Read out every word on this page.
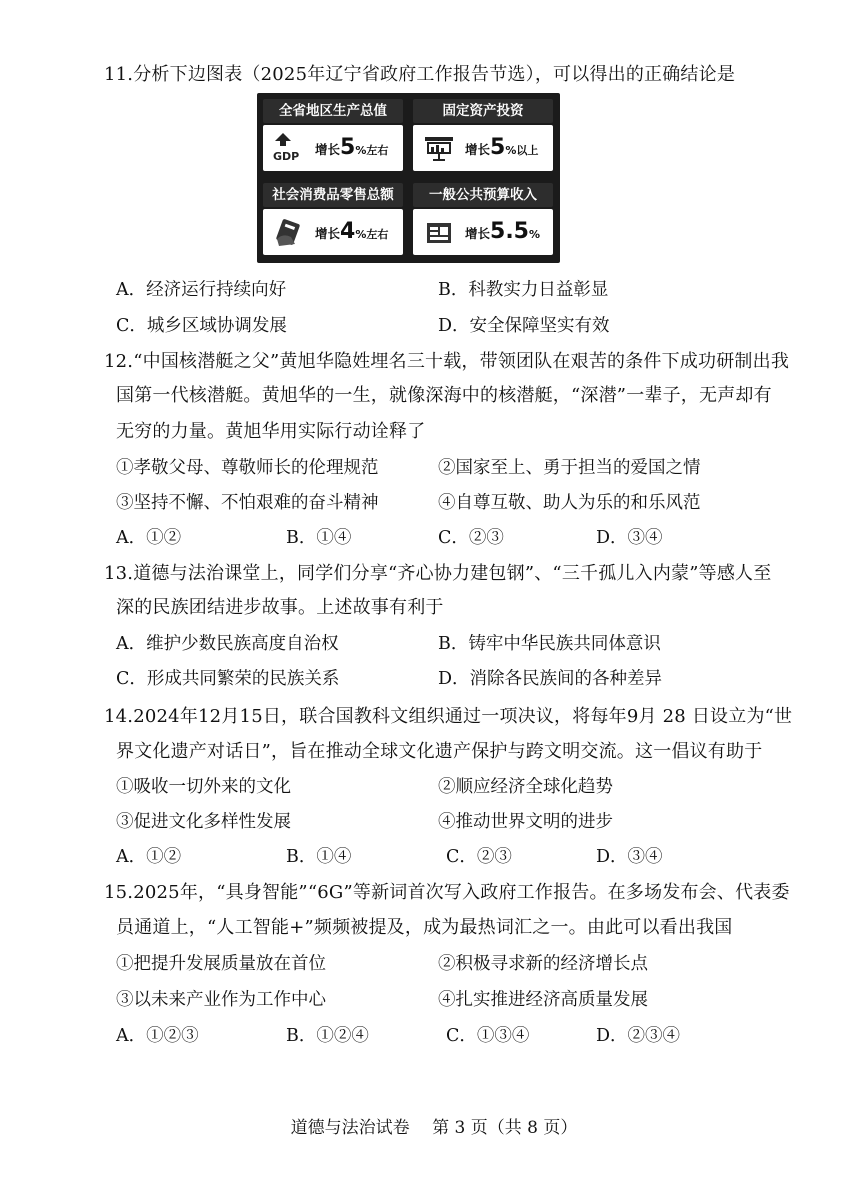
11.分析下边图表（2025年辽宁省政府工作报告节选），可以得出的正确结论是
全省地区生产总值
GDP 增长5%左右
固定资产投资
增长5%以上
社会消费品零售总额
增长4%左右
一般公共预算收入
增长5.5%
A．经济运行持续向好	B．科教实力日益彰显
C．城乡区域协调发展	D．安全保障坚实有效
12.“中国核潜艇之父”黄旭华隐姓埋名三十载，带领团队在艰苦的条件下成功研制出我
国第一代核潜艇。黄旭华的一生，就像深海中的核潜艇，“深潜”一辈子，无声却有
无穷的力量。黄旭华用实际行动诠释了
①孝敬父母、尊敬师长的伦理规范	②国家至上、勇于担当的爱国之情
③坚持不懈、不怕艰难的奋斗精神	④自尊互敬、助人为乐的和乐风范
A．①②	B．①④	C．②③	D．③④
13.道德与法治课堂上，同学们分享“齐心协力建包钢”、“三千孤儿入内蒙”等感人至
深的民族团结进步故事。上述故事有利于
A．维护少数民族高度自治权	B．铸牢中华民族共同体意识
C．形成共同繁荣的民族关系	D．消除各民族间的各种差异
14.2024年12月15日，联合国教科文组织通过一项决议，将每年9月 28 日设立为“世
界文化遗产对话日”，旨在推动全球文化遗产保护与跨文明交流。这一倡议有助于
①吸收一切外来的文化	②顺应经济全球化趋势
③促进文化多样性发展	④推动世界文明的进步
A．①②	B．①④	C．②③	D．③④
15.2025年，“具身智能”“6G”等新词首次写入政府工作报告。在多场发布会、代表委
员通道上，“人工智能+”频频被提及，成为最热词汇之一。由此可以看出我国
①把提升发展质量放在首位	②积极寻求新的经济增长点
③以未来产业作为工作中心	④扎实推进经济高质量发展
A．①②③	B．①②④	C．①③④	D．②③④
道德与法治试卷　 第 3 页（共 8 页）
